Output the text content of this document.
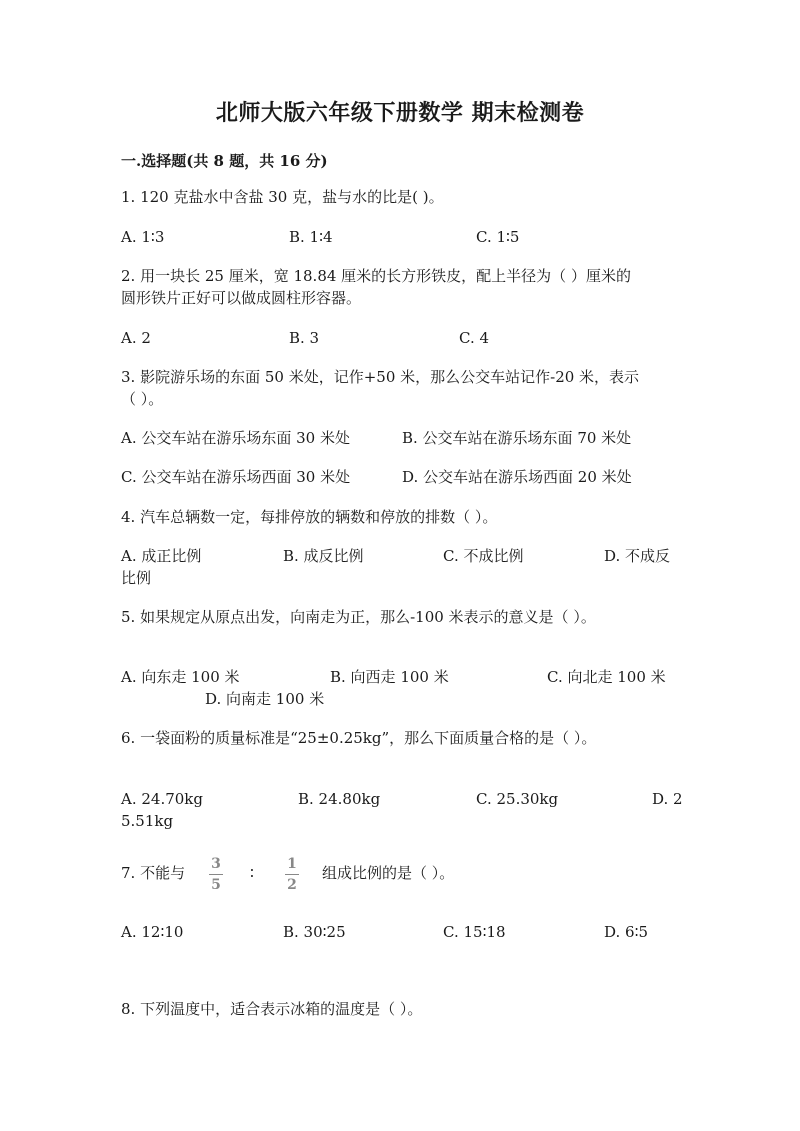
北师大版六年级下册数学 期末检测卷
一.选择题(共 8 题，共 16 分)
1. 120 克盐水中含盐 30 克，盐与水的比是( )。
A. 1∶3	B. 1∶4	C. 1∶5
2. 用一块长 25 厘米，宽 18.84 厘米的长方形铁皮，配上半径为（ ）厘米的
圆形铁片正好可以做成圆柱形容器。
A. 2	B. 3	C. 4
3. 影院游乐场的东面 50 米处，记作+50 米，那么公交车站记作-20 米，表示
（ ）。
A. 公交车站在游乐场东面 30 米处	B. 公交车站在游乐场东面 70 米处
C. 公交车站在游乐场西面 30 米处	D. 公交车站在游乐场西面 20 米处
4. 汽车总辆数一定，每排停放的辆数和停放的排数（ ）。
A. 成正比例	B. 成反比例	C. 不成比例	D. 不成反
比例
5. 如果规定从原点出发，向南走为正，那么-100 米表示的意义是（ ）。
A. 向东走 100 米	B. 向西走 100 米	C. 向北走 100 米
D. 向南走 100 米
6. 一袋面粉的质量标准是“25±0.25kg”，那么下面质量合格的是（ ）。
A. 24.70kg	B. 24.80kg	C. 25.30kg	D. 2
5.51kg
7. 不能与 3
5
∶ 1
2
组成比例的是（ ）。
A. 12∶10	B. 30∶25	C. 15∶18	D. 6∶5
8. 下列温度中，适合表示冰箱的温度是（ ）。
